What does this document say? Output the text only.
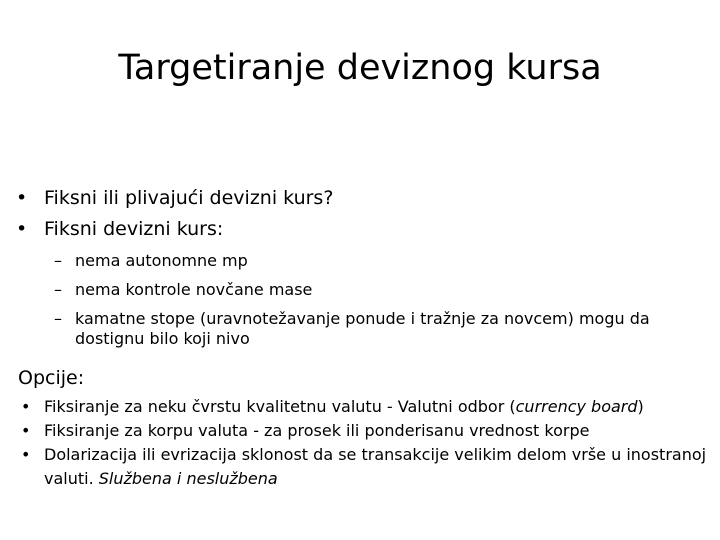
Targetiranje deviznog kursa
• Fiksni ili plivajući devizni kurs?
• Fiksni devizni kurs:
– nema autonomne mp
– nema kontrole novčane mase
– kamatne stope (uravnotežavanje ponude i tražnje za novcem) mogu da dostignu bilo koji nivo
Opcije:
• Fiksiranje za neku čvrstu kvalitetnu valutu - Valutni odbor (currency board)
• Fiksiranje za korpu valuta - za prosek ili ponderisanu vrednost korpe
• Dolarizacija ili evrizacija sklonost da se transakcije velikim delom vrše u inostranoj valuti. Službena i neslužbena
